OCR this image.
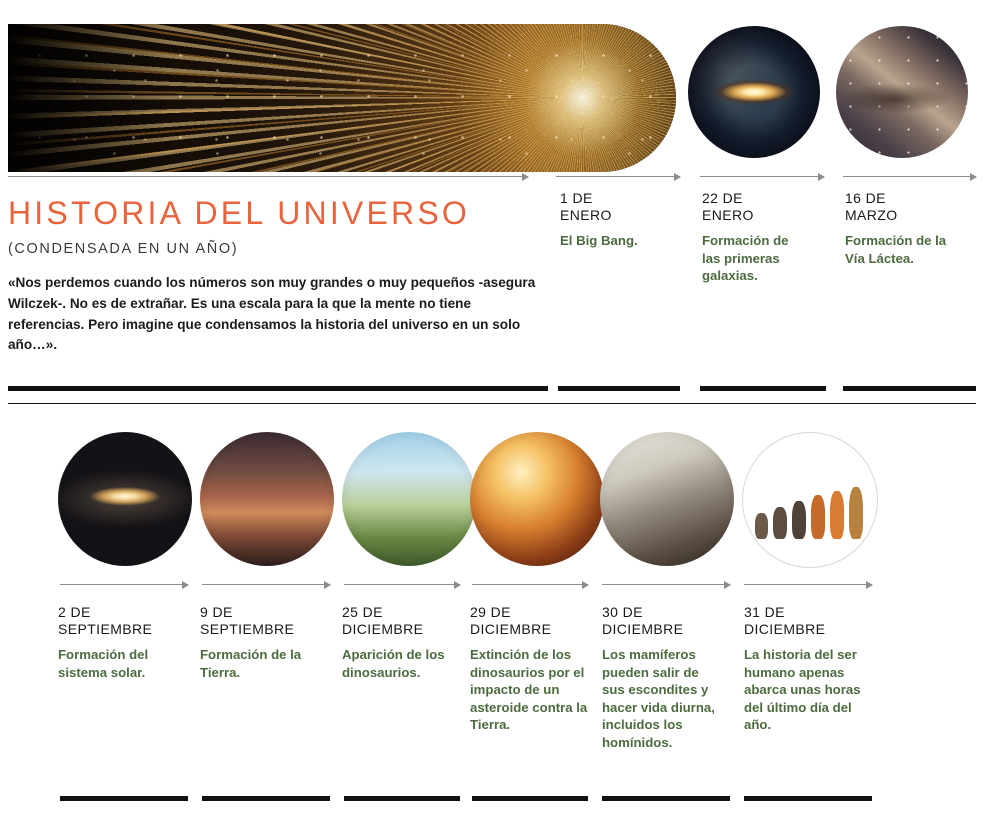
HISTORIA DEL UNIVERSO

(CONDENSADA EN UN AÑO)

«Nos perdemos cuando los números son muy grandes o muy pequeños -asegura Wilczek-. No es de extrañar. Es una escala para la que la mente no tiene referencias. Pero imagine que condensamos la historia del universo en un solo año…».

1 DE
ENERO

El Big Bang.

22 DE
ENERO

Formación de las primeras galaxias.

16 DE
MARZO

Formación de la Vía Láctea.

2 DE
SEPTIEMBRE

Formación del sistema solar.

9 DE
SEPTIEMBRE

Formación de la Tierra.

25 DE
DICIEMBRE

Aparición de los dinosaurios.

29 DE
DICIEMBRE

Extinción de los dinosaurios por el impacto de un asteroide contra la Tierra.

30 DE
DICIEMBRE

Los mamíferos pueden salir de sus escondites y hacer vida diurna, incluidos los homínidos.

31 DE
DICIEMBRE

La historia del ser humano apenas abarca unas horas del último día del año.
